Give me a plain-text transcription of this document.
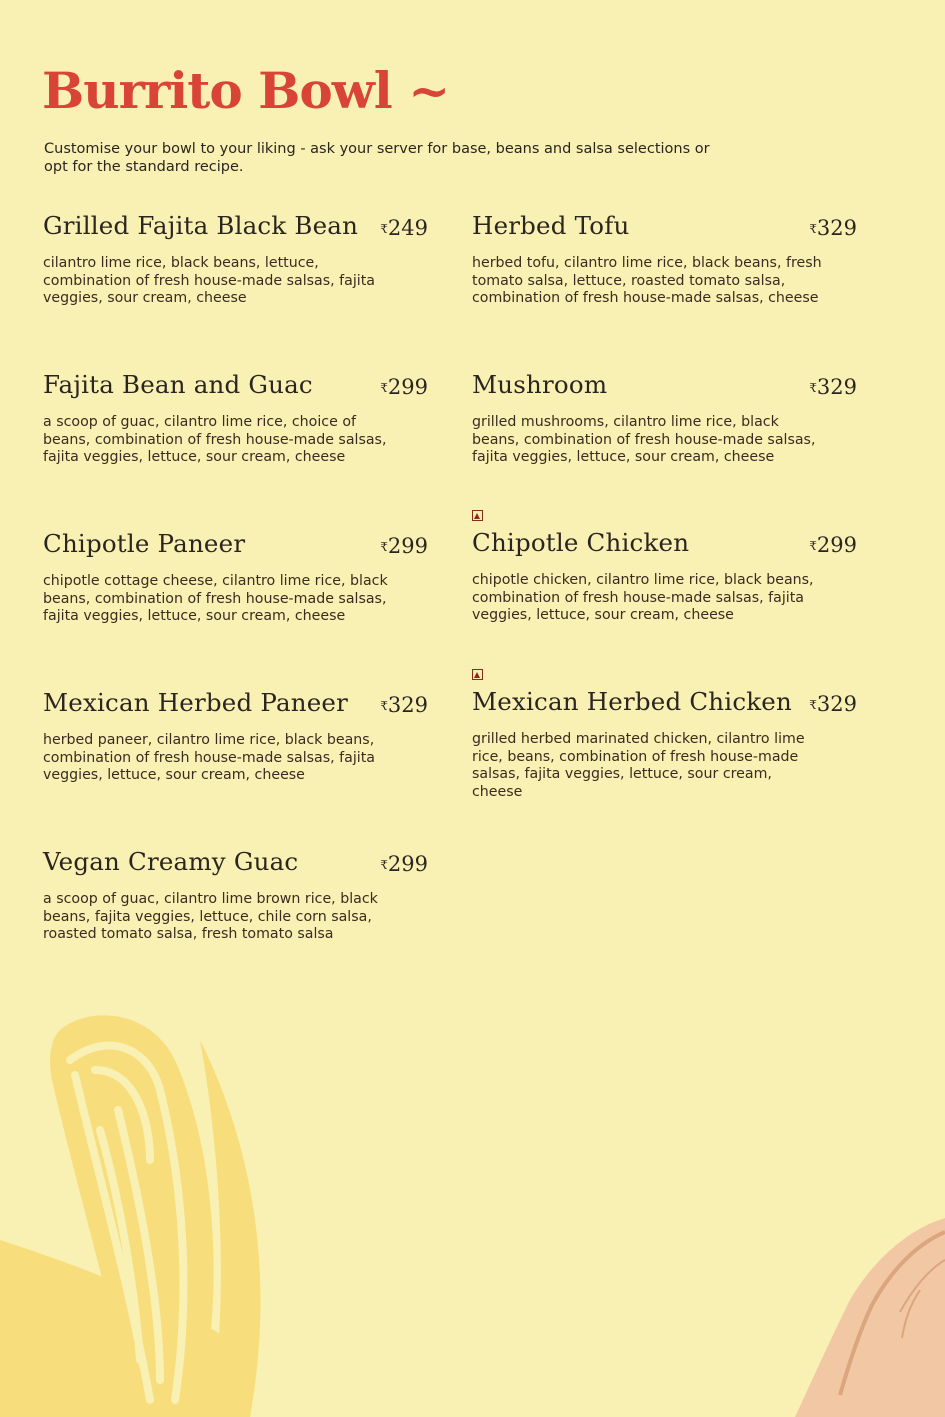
Burrito Bowl ~
Customise your bowl to your liking - ask your server for base, beans and salsa selections or opt for the standard recipe.
Grilled Fajita Black Bean	₹249
cilantro lime rice, black beans, lettuce, combination of fresh house-made salsas, fajita veggies, sour cream, cheese
Fajita Bean and Guac	₹299
a scoop of guac, cilantro lime rice, choice of beans, combination of fresh house-made salsas, fajita veggies, lettuce, sour cream, cheese
Chipotle Paneer	₹299
chipotle cottage cheese, cilantro lime rice, black beans, combination of fresh house-made salsas, fajita veggies, lettuce, sour cream, cheese
Mexican Herbed Paneer	₹329
herbed paneer, cilantro lime rice, black beans, combination of fresh house-made salsas, fajita veggies, lettuce, sour cream, cheese
Vegan Creamy Guac	₹299
a scoop of guac, cilantro lime brown rice, black beans, fajita veggies, lettuce, chile corn salsa, roasted tomato salsa, fresh tomato salsa
Herbed Tofu	₹329
herbed tofu, cilantro lime rice, black beans, fresh tomato salsa, lettuce, roasted tomato salsa, combination of fresh house-made salsas, cheese
Mushroom	₹329
grilled mushrooms, cilantro lime rice, black beans, combination of fresh house-made salsas, fajita veggies, lettuce, sour cream, cheese
Chipotle Chicken	₹299
chipotle chicken, cilantro lime rice, black beans, combination of fresh house-made salsas, fajita veggies, lettuce, sour cream, cheese
Mexican Herbed Chicken	₹329
grilled herbed marinated chicken, cilantro lime rice, beans, combination of fresh house-made salsas, fajita veggies, lettuce, sour cream, cheese
